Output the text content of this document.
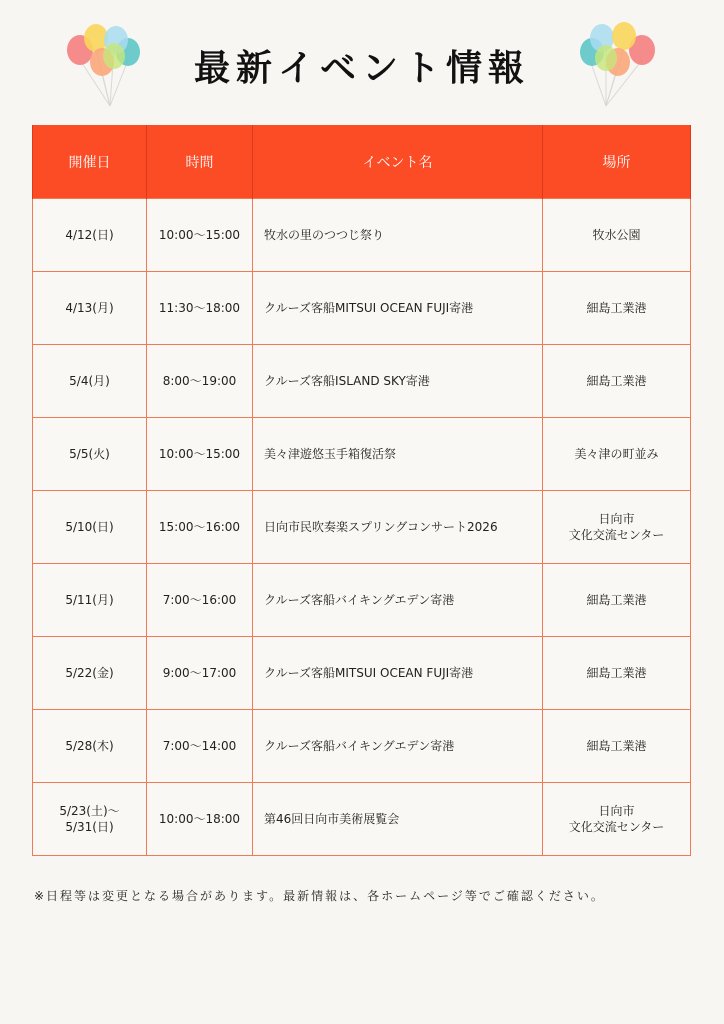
最新イベント情報
開催日	時間	イベント名	場所

4/12(日)	10:00～15:00	牧水の里のつつじ祭り	牧水公園

4/13(月)	11:30～18:00	クルーズ客船MITSUI OCEAN FUJI寄港	細島工業港

5/4(月)	8:00～19:00	クルーズ客船ISLAND SKY寄港	細島工業港

5/5(火)	10:00～15:00	美々津遊悠玉手箱復活祭	美々津の町並み

5/10(日)	15:00～16:00	日向市民吹奏楽スプリングコンサート2026	日向市
文化交流センター

5/11(月)	7:00～16:00	クルーズ客船バイキングエデン寄港	細島工業港

5/22(金)	9:00～17:00	クルーズ客船MITSUI OCEAN FUJI寄港	細島工業港

5/28(木)	7:00～14:00	クルーズ客船バイキングエデン寄港	細島工業港

5/23(土)～
5/31(日)	10:00～18:00	第46回日向市美術展覧会	日向市
文化交流センター

※日程等は変更となる場合があります。最新情報は、各ホームページ等でご確認ください。
